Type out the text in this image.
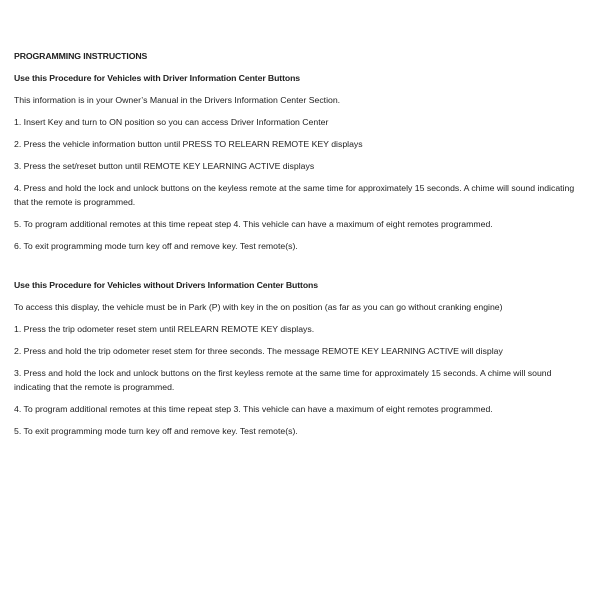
PROGRAMMING INSTRUCTIONS

Use this Procedure for Vehicles with Driver Information Center Buttons

This information is in your Owner’s Manual in the Drivers Information Center Section.

1. Insert Key and turn to ON position so you can access Driver Information Center

2. Press the vehicle information button until PRESS TO RELEARN REMOTE KEY displays

3. Press the set/reset button until REMOTE KEY LEARNING ACTIVE displays

4. Press and hold the lock and unlock buttons on the keyless remote at the same time for approximately 15 seconds. A chime will sound indicating that the remote is programmed.

5. To program additional remotes at this time repeat step 4. This vehicle can have a maximum of eight remotes programmed.

6. To exit programming mode turn key off and remove key. Test remote(s).

Use this Procedure for Vehicles without Drivers Information Center Buttons

To access this display, the vehicle must be in Park (P) with key in the on position (as far as you can go without cranking engine)

1. Press the trip odometer reset stem until RELEARN REMOTE KEY displays.

2. Press and hold the trip odometer reset stem for three seconds. The message REMOTE KEY LEARNING ACTIVE will display

3. Press and hold the lock and unlock buttons on the first keyless remote at the same time for approximately 15 seconds. A chime will sound indicating that the remote is programmed.

4. To program additional remotes at this time repeat step 3. This vehicle can have a maximum of eight remotes programmed.

5. To exit programming mode turn key off and remove key. Test remote(s).
